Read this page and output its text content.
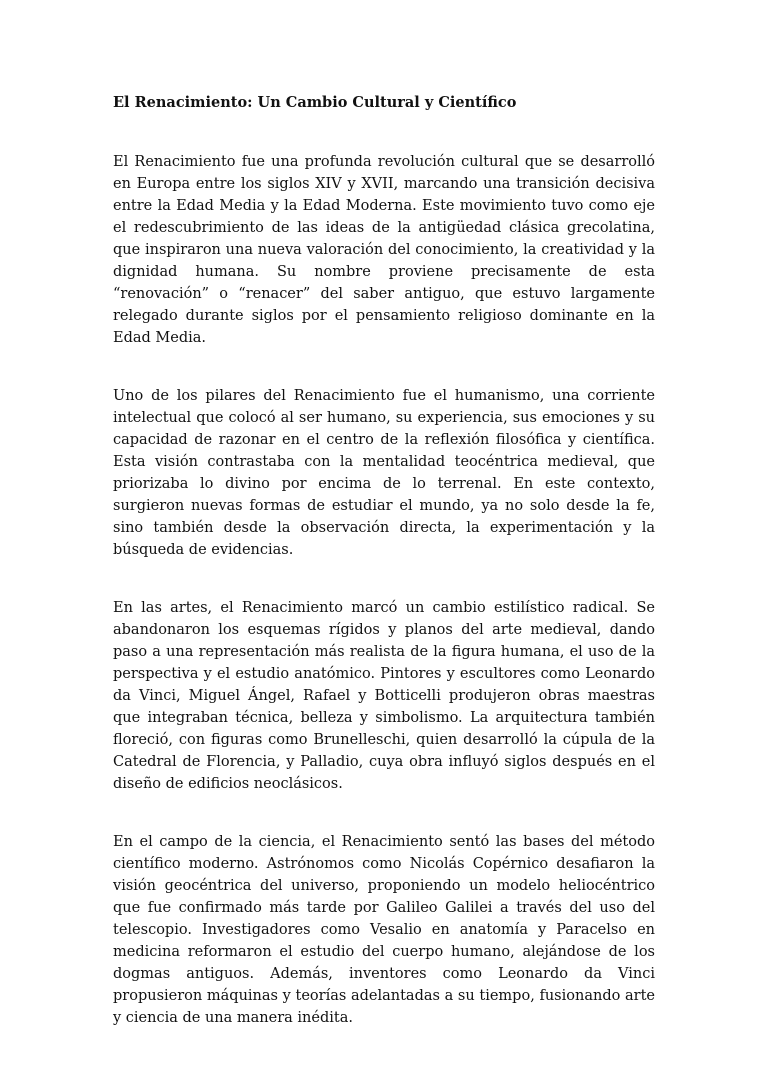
El Renacimiento: Un Cambio Cultural y Científico

El Renacimiento fue una profunda revolución cultural que se desarrolló en Europa entre los siglos XIV y XVII, marcando una transición decisiva entre la Edad Media y la Edad Moderna. Este movimiento tuvo como eje el redescubrimiento de las ideas de la antigüedad clásica grecolatina, que inspiraron una nueva valoración del conocimiento, la creatividad y la dignidad humana. Su nombre proviene precisamente de esta “renovación” o “renacer” del saber antiguo, que estuvo largamente relegado durante siglos por el pensamiento religioso dominante en la Edad Media.

Uno de los pilares del Renacimiento fue el humanismo, una corriente intelectual que colocó al ser humano, su experiencia, sus emociones y su capacidad de razonar en el centro de la reflexión filosófica y científica. Esta visión contrastaba con la mentalidad teocéntrica medieval, que priorizaba lo divino por encima de lo terrenal. En este contexto, surgieron nuevas formas de estudiar el mundo, ya no solo desde la fe, sino también desde la observación directa, la experimentación y la búsqueda de evidencias.

En las artes, el Renacimiento marcó un cambio estilístico radical. Se abandonaron los esquemas rígidos y planos del arte medieval, dando paso a una representación más realista de la figura humana, el uso de la perspectiva y el estudio anatómico. Pintores y escultores como Leonardo da Vinci, Miguel Ángel, Rafael y Botticelli produjeron obras maestras que integraban técnica, belleza y simbolismo. La arquitectura también floreció, con figuras como Brunelleschi, quien desarrolló la cúpula de la Catedral de Florencia, y Palladio, cuya obra influyó siglos después en el diseño de edificios neoclásicos.

En el campo de la ciencia, el Renacimiento sentó las bases del método científico moderno. Astrónomos como Nicolás Copérnico desafiaron la visión geocéntrica del universo, proponiendo un modelo heliocéntrico que fue confirmado más tarde por Galileo Galilei a través del uso del telescopio. Investigadores como Vesalio en anatomía y Paracelso en medicina reformaron el estudio del cuerpo humano, alejándose de los dogmas antiguos. Además, inventores como Leonardo da Vinci propusieron máquinas y teorías adelantadas a su tiempo, fusionando arte y ciencia de una manera inédita.
